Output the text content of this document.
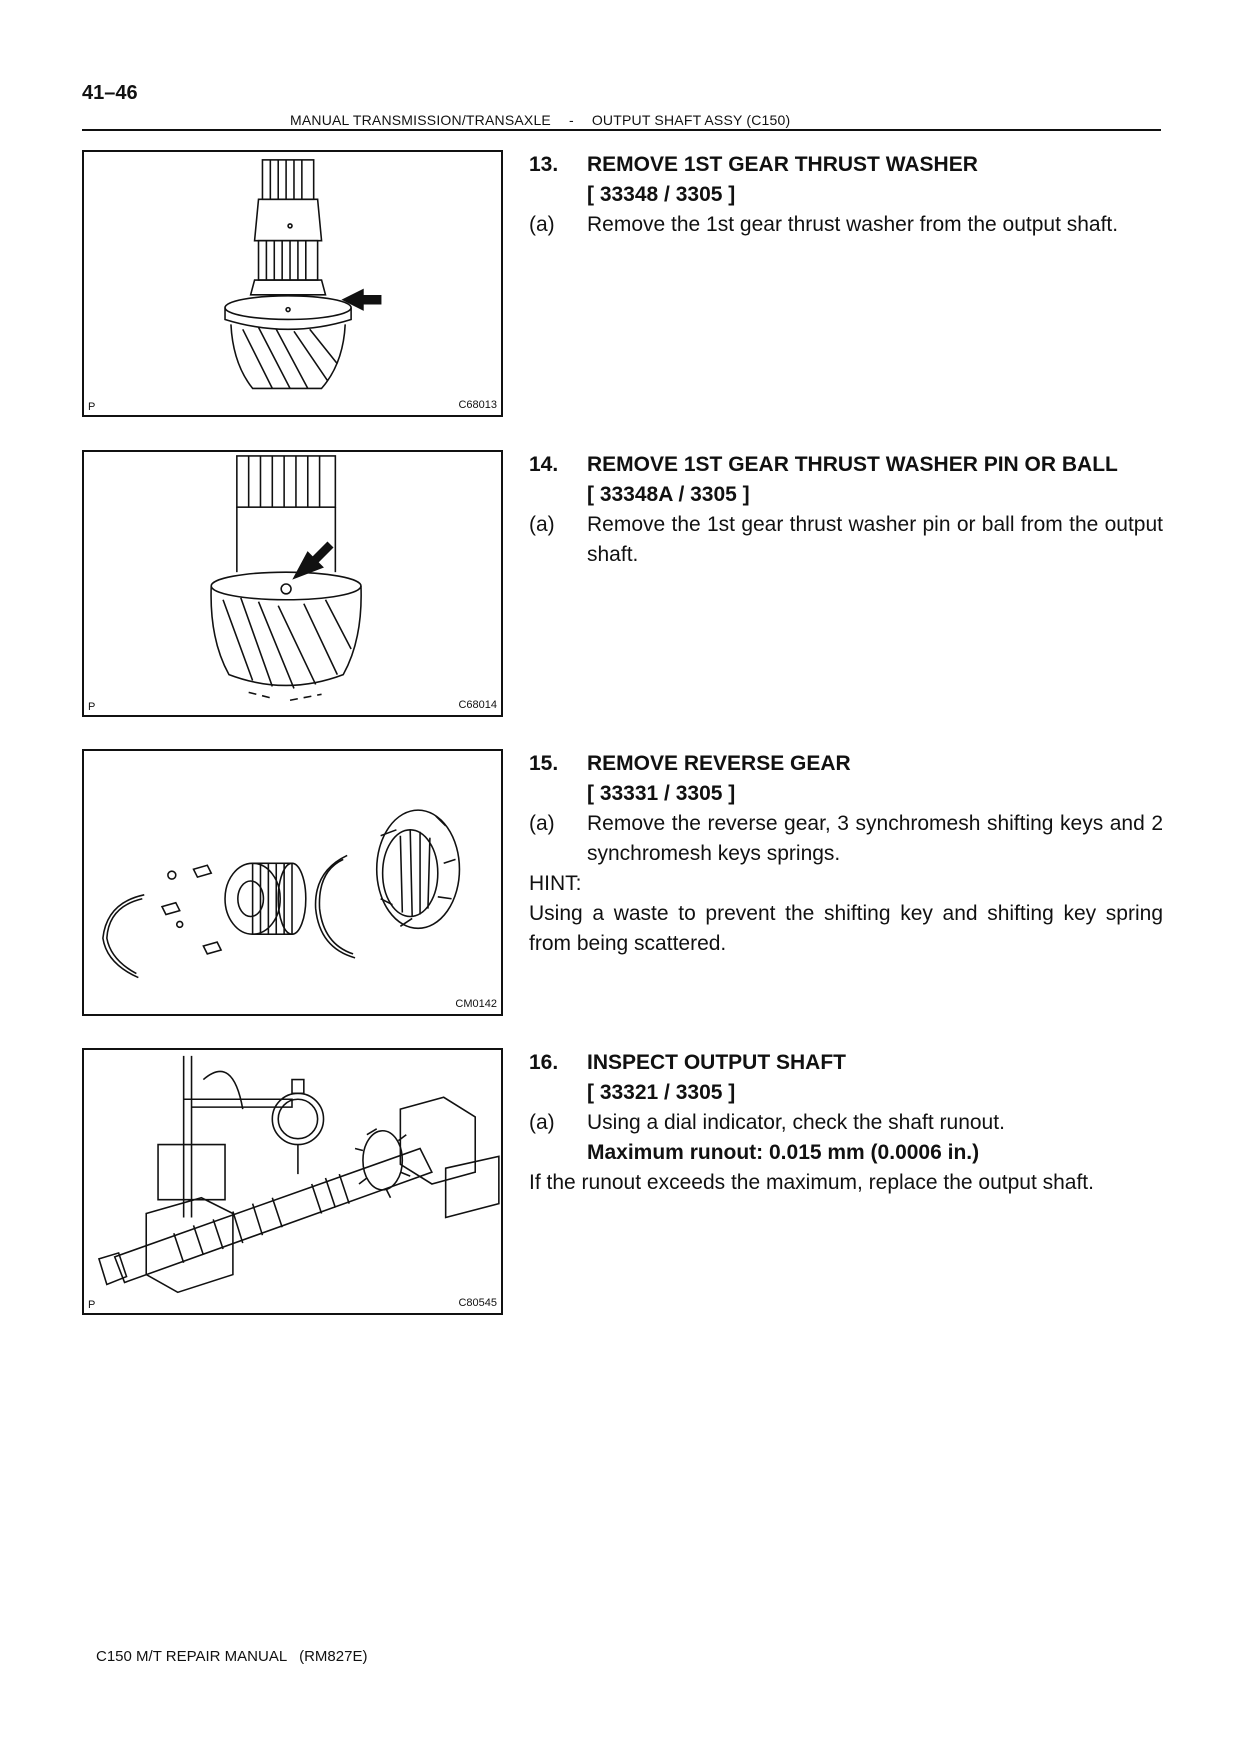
41–46
MANUAL TRANSMISSION/TRANSAXLE - OUTPUT SHAFT ASSY (C150)
P	C68013
13.	REMOVE 1ST GEAR THRUST WASHER
[ 33348 / 3305 ]
(a)	Remove the 1st gear thrust washer from the output shaft.
P	C68014
14.	REMOVE 1ST GEAR THRUST WASHER PIN OR BALL
[ 33348A / 3305 ]
(a)	Remove the 1st gear thrust washer pin or ball from the output shaft.
CM0142
15.	REMOVE REVERSE GEAR
[ 33331 / 3305 ]
(a)	Remove the reverse gear, 3 synchromesh shifting keys and 2 synchromesh keys springs.
HINT:
Using a waste to prevent the shifting key and shifting key spring from being scattered.
P	C80545
16.	INSPECT OUTPUT SHAFT
[ 33321 / 3305 ]
(a)	Using a dial indicator, check the shaft runout.
Maximum runout: 0.015 mm (0.0006 in.)
If the runout exceeds the maximum, replace the output shaft.
C150 M/T REPAIR MANUAL   (RM827E)
